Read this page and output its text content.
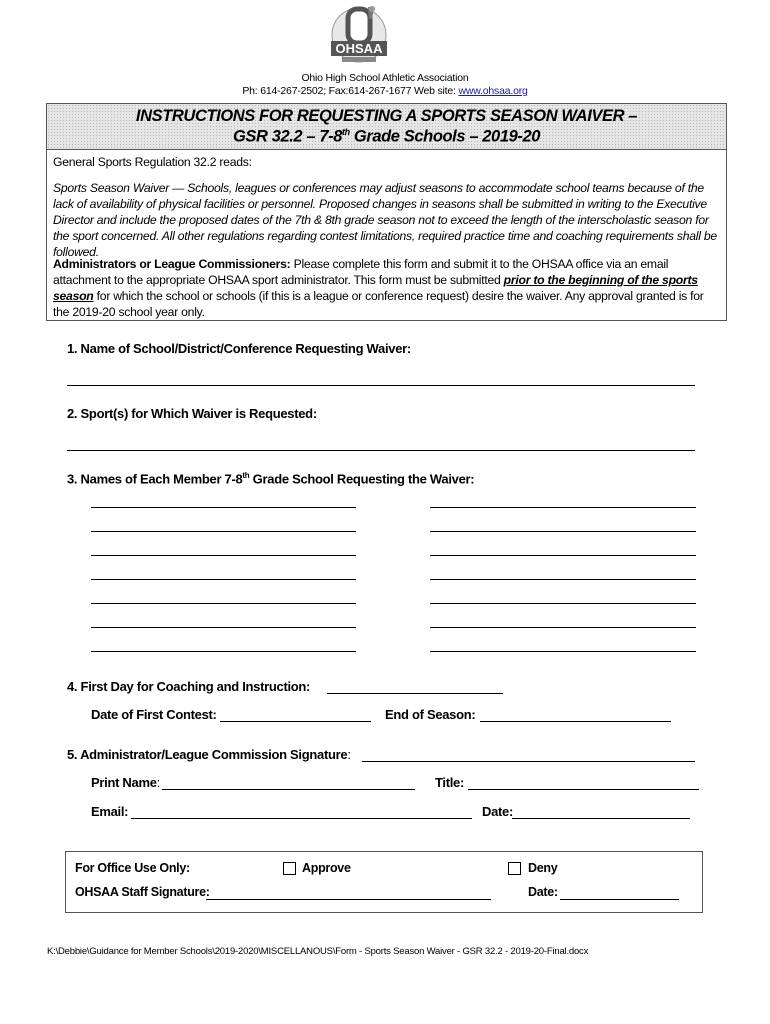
OHSAA
Ohio High School Athletic Association
Ph: 614-267-2502; Fax:614-267-1677 Web site: www.ohsaa.org
INSTRUCTIONS FOR REQUESTING A SPORTS SEASON WAIVER –
GSR 32.2 – 7-8th Grade Schools – 2019-20
General Sports Regulation 32.2 reads:
Sports Season Waiver — Schools, leagues or conferences may adjust seasons to accommodate school teams because of the lack of availability of physical facilities or personnel. Proposed changes in seasons shall be submitted in writing to the Executive Director and include the proposed dates of the 7th & 8th grade season not to exceed the length of the interscholastic season for the sport concerned. All other regulations regarding contest limitations, required practice time and coaching requirements shall be followed.
Administrators or League Commissioners: Please complete this form and submit it to the OHSAA office via an email attachment to the appropriate OHSAA sport administrator. This form must be submitted prior to the beginning of the sports season for which the school or schools (if this is a league or conference request) desire the waiver. Any approval granted is for the 2019-20 school year only.
1. Name of School/District/Conference Requesting Waiver:
2. Sport(s) for Which Waiver is Requested:
3. Names of Each Member 7-8th Grade School Requesting the Waiver:
4. First Day for Coaching and Instruction:
Date of First Contest:	End of Season:
5. Administrator/League Commission Signature:
Print Name:	Title:
Email:	Date:
For Office Use Only:	Approve	Deny
OHSAA Staff Signature:	Date:
K:\Debbie\Guidance for Member Schools\2019-2020\MISCELLANOUS\Form - Sports Season Waiver - GSR 32.2 - 2019-20-Final.docx
